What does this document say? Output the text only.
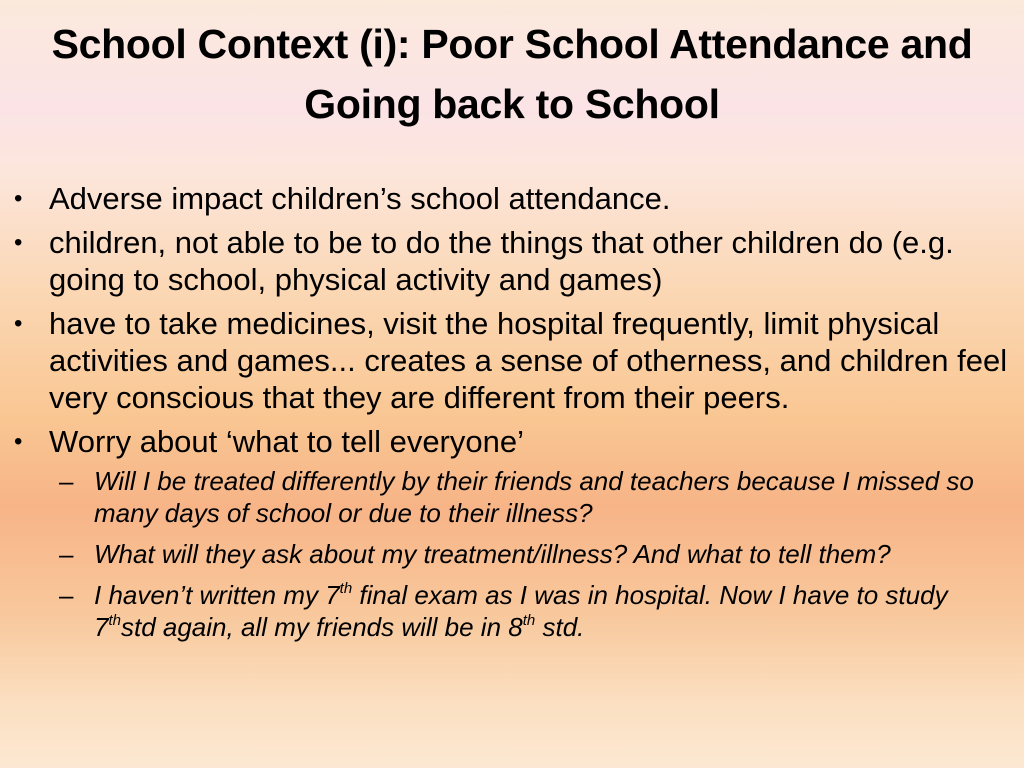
School Context (i): Poor School Attendance and
Going back to School
• Adverse impact children’s school attendance.
• children, not able to be to do the things that other children do (e.g. going to school, physical activity and games)
• have to take medicines, visit the hospital frequently, limit physical activities and games... creates a sense of otherness, and children feel very conscious that they are different from their peers.
• Worry about ‘what to tell everyone’
– Will I be treated differently by their friends and teachers because I missed so many days of school or due to their illness?
– What will they ask about my treatment/illness? And what to tell them?
– I haven’t written my 7th final exam as I was in hospital. Now I have to study 7thstd again, all my friends will be in 8th std.
